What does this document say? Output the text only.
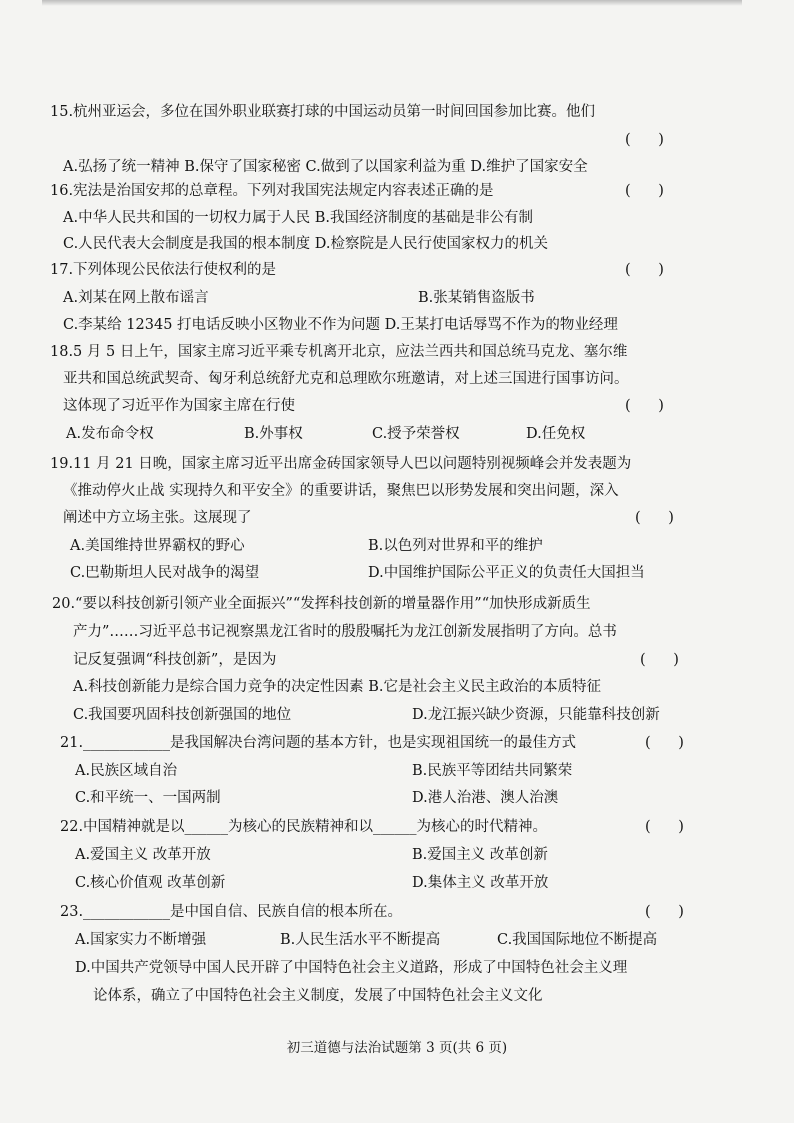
15.杭州亚运会，多位在国外职业联赛打球的中国运动员第一时间回国参加比赛。他们
(      )
A.弘扬了统一精神 B.保守了国家秘密 C.做到了以国家利益为重 D.维护了国家安全
16.宪法是治国安邦的总章程。下列对我国宪法规定内容表述正确的是	(      )
A.中华人民共和国的一切权力属于人民 B.我国经济制度的基础是非公有制
C.人民代表大会制度是我国的根本制度 D.检察院是人民行使国家权力的机关
17.下列体现公民依法行使权利的是	(      )
A.刘某在网上散布谣言	B.张某销售盗版书
C.李某给 12345 打电话反映小区物业不作为问题 D.王某打电话辱骂不作为的物业经理
18.5 月 5 日上午，国家主席习近平乘专机离开北京，应法兰西共和国总统马克龙、塞尔维
亚共和国总统武契奇、匈牙利总统舒尤克和总理欧尔班邀请，对上述三国进行国事访问。
这体现了习近平作为国家主席在行使	(      )
A.发布命令权	B.外事权	C.授予荣誉权	D.任免权
19.11 月 21 日晚，国家主席习近平出席金砖国家领导人巴以问题特别视频峰会并发表题为
《推动停火止战 实现持久和平安全》的重要讲话，聚焦巴以形势发展和突出问题，深入
阐述中方立场主张。这展现了	(      )
A.美国维持世界霸权的野心	B.以色列对世界和平的维护
C.巴勒斯坦人民对战争的渴望	D.中国维护国际公平正义的负责任大国担当
20.“要以科技创新引领产业全面振兴”“发挥科技创新的增量器作用”“加快形成新质生
产力”……习近平总书记视察黑龙江省时的殷殷嘱托为龙江创新发展指明了方向。总书
记反复强调“科技创新”，是因为	(      )
A.科技创新能力是综合国力竞争的决定性因素 B.它是社会主义民主政治的本质特征
C.我国要巩固科技创新强国的地位	D.龙江振兴缺少资源，只能靠科技创新
21.____________是我国解决台湾问题的基本方针，也是实现祖国统一的最佳方式	(      )
A.民族区域自治	B.民族平等团结共同繁荣
C.和平统一、一国两制	D.港人治港、澳人治澳
22.中国精神就是以______为核心的民族精神和以______为核心的时代精神。	(      )
A.爱国主义 改革开放	B.爱国主义 改革创新
C.核心价值观 改革创新	D.集体主义 改革开放
23.____________是中国自信、民族自信的根本所在。	(      )
A.国家实力不断增强	B.人民生活水平不断提高	C.我国国际地位不断提高
D.中国共产党领导中国人民开辟了中国特色社会主义道路，形成了中国特色社会主义理
论体系，确立了中国特色社会主义制度，发展了中国特色社会主义文化
初三道德与法治试题第 3 页(共 6 页)
